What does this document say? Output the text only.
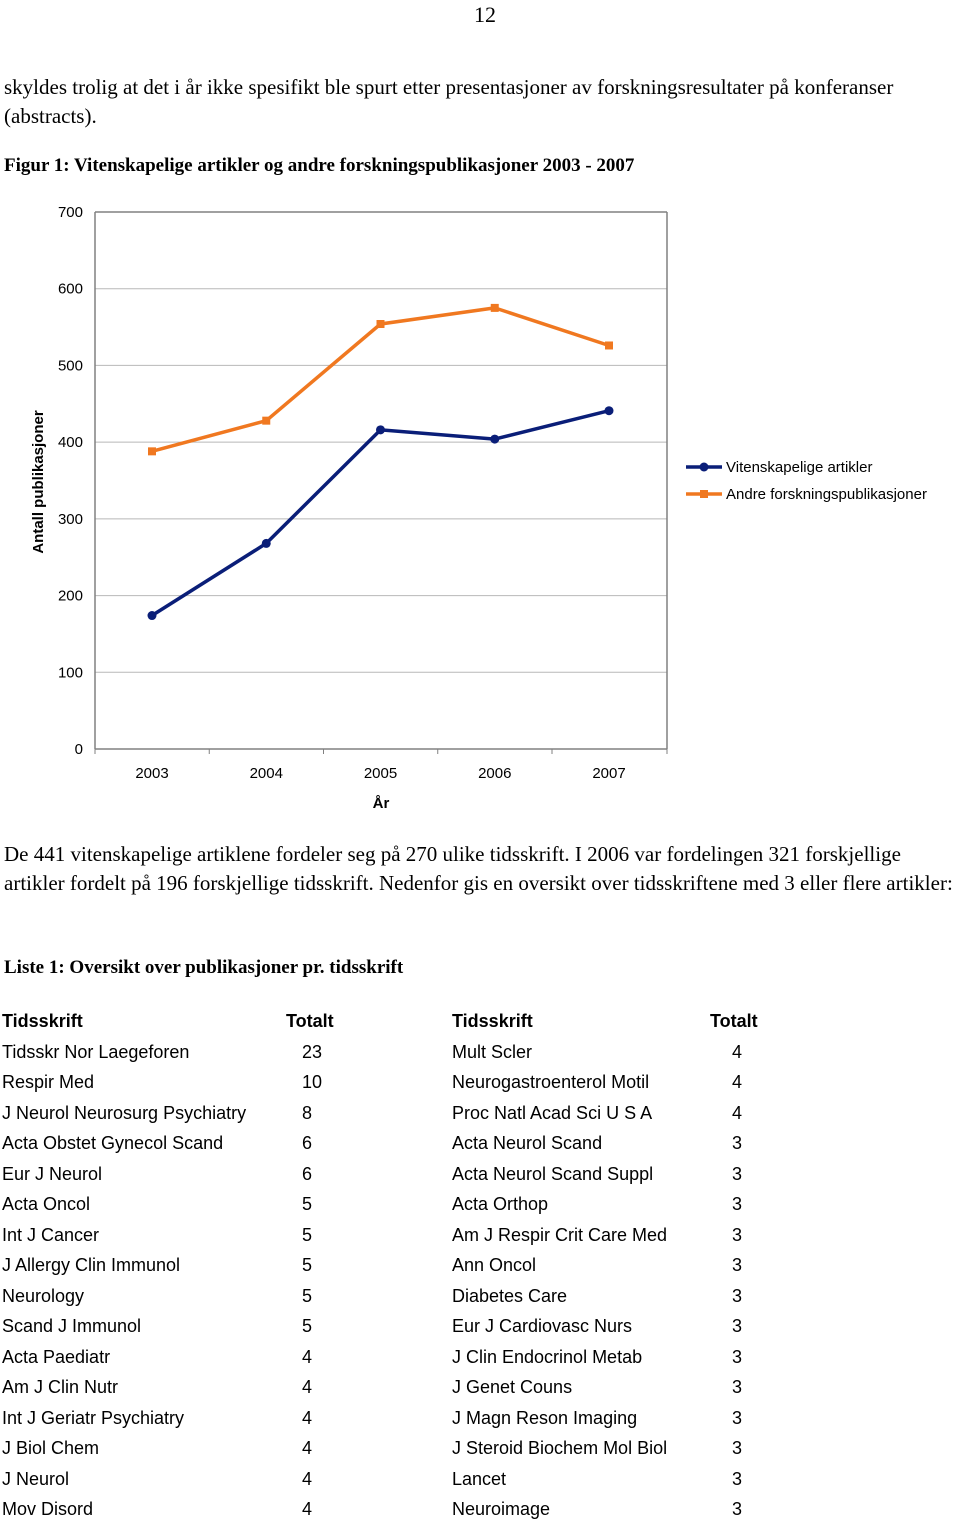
12
skyldes trolig at det i år ikke spesifikt ble spurt etter presentasjoner av forskningsresultater på konferanser (abstracts).
Figur 1: Vitenskapelige artikler og andre forskningspublikasjoner 2003 - 2007
0
100
200
300
400
500
600
700
2003	2004	2005	2006	2007
År
Antall publikasjoner	Vitenskapelige artikler
Andre forskningspublikasjoner
De 441 vitenskapelige artiklene fordeler seg på 270 ulike tidsskrift. I 2006 var fordelingen 321 forskjellige artikler fordelt på 196 forskjellige tidsskrift. Nedenfor gis en oversikt over tidsskriftene med 3 eller flere artikler:
Liste 1: Oversikt over publikasjoner pr. tidsskrift
Tidsskrift	Totalt	Tidsskrift	Totalt
Tidsskr Nor Laegeforen	23	Mult Scler	4
Respir Med	10	Neurogastroenterol Motil	4
J Neurol Neurosurg Psychiatry	8	Proc Natl Acad Sci U S A	4
Acta Obstet Gynecol Scand	6	Acta Neurol Scand	3
Eur J Neurol	6	Acta Neurol Scand Suppl	3
Acta Oncol	5	Acta Orthop	3
Int J Cancer	5	Am J Respir Crit Care Med	3
J Allergy Clin Immunol	5	Ann Oncol	3
Neurology	5	Diabetes Care	3
Scand J Immunol	5	Eur J Cardiovasc Nurs	3
Acta Paediatr	4	J Clin Endocrinol Metab	3
Am J Clin Nutr	4	J Genet Couns	3
Int J Geriatr Psychiatry	4	J Magn Reson Imaging	3
J Biol Chem	4	J Steroid Biochem Mol Biol	3
J Neurol	4	Lancet	3
Mov Disord	4	Neuroimage	3
